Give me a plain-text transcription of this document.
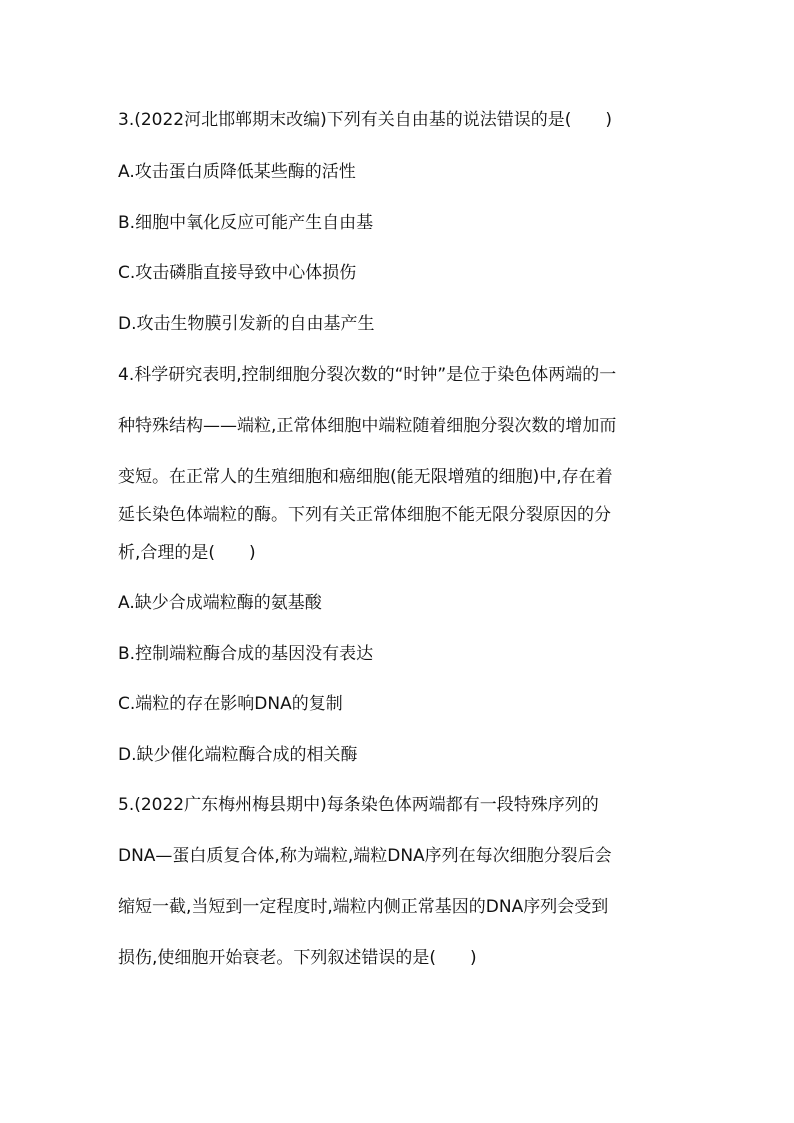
3.(2022河北邯郸期末改编)下列有关自由基的说法错误的是(　　)
A.攻击蛋白质降低某些酶的活性
B.细胞中氧化反应可能产生自由基
C.攻击磷脂直接导致中心体损伤
D.攻击生物膜引发新的自由基产生
4.科学研究表明,控制细胞分裂次数的“时钟”是位于染色体两端的一
种特殊结构——端粒,正常体细胞中端粒随着细胞分裂次数的增加而
变短。在正常人的生殖细胞和癌细胞(能无限增殖的细胞)中,存在着
延长染色体端粒的酶。下列有关正常体细胞不能无限分裂原因的分
析,合理的是(　　)
A.缺少合成端粒酶的氨基酸
B.控制端粒酶合成的基因没有表达
C.端粒的存在影响DNA的复制
D.缺少催化端粒酶合成的相关酶
5.(2022广东梅州梅县期中)每条染色体两端都有一段特殊序列的
DNA—蛋白质复合体,称为端粒,端粒DNA序列在每次细胞分裂后会
缩短一截,当短到一定程度时,端粒内侧正常基因的DNA序列会受到
损伤,使细胞开始衰老。下列叙述错误的是(　　)
